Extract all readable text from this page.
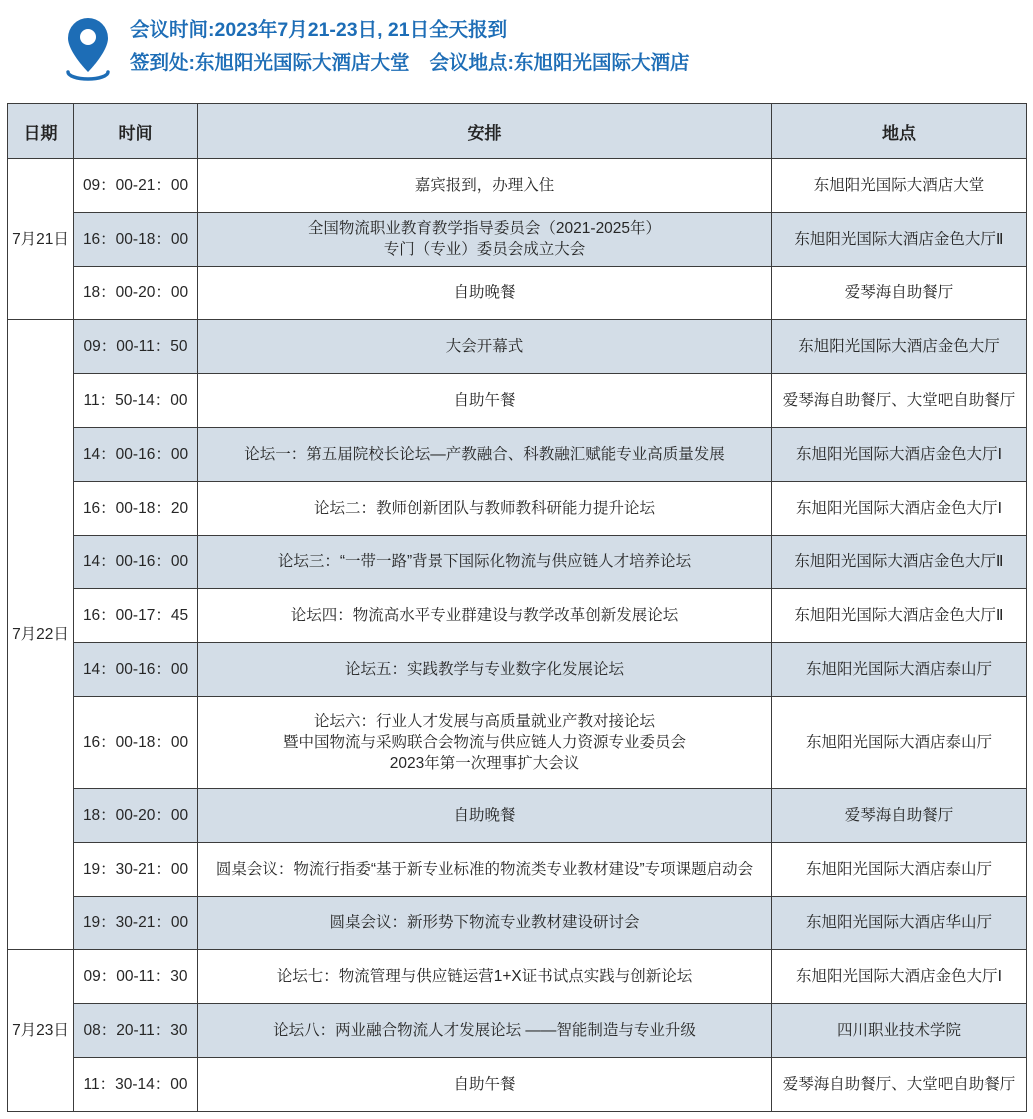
会议时间:2023年7月21-23日, 21日全天报到
签到处:东旭阳光国际大酒店大堂 会议地点:东旭阳光国际大酒店
日期	时间	安排	地点
7月21日	09：00-21：00	嘉宾报到，办理入住	东旭阳光国际大酒店大堂
	16：00-18：00	全国物流职业教育教学指导委员会（2021-2025年）
专门（专业）委员会成立大会	东旭阳光国际大酒店金色大厅Ⅱ
	18：00-20：00	自助晚餐	爱琴海自助餐厅
7月22日	09：00-11：50	大会开幕式	东旭阳光国际大酒店金色大厅
	11：50-14：00	自助午餐	爱琴海自助餐厅、大堂吧自助餐厅
	14：00-16：00	论坛一：第五届院校长论坛—产教融合、科教融汇赋能专业高质量发展	东旭阳光国际大酒店金色大厅Ⅰ
	16：00-18：20	论坛二：教师创新团队与教师教科研能力提升论坛	东旭阳光国际大酒店金色大厅Ⅰ
	14：00-16：00	论坛三：“一带一路”背景下国际化物流与供应链人才培养论坛	东旭阳光国际大酒店金色大厅Ⅱ
	16：00-17：45	论坛四：物流高水平专业群建设与教学改革创新发展论坛	东旭阳光国际大酒店金色大厅Ⅱ
	14：00-16：00	论坛五：实践教学与专业数字化发展论坛	东旭阳光国际大酒店泰山厅
	16：00-18：00	论坛六：行业人才发展与高质量就业产教对接论坛
暨中国物流与采购联合会物流与供应链人力资源专业委员会
2023年第一次理事扩大会议	东旭阳光国际大酒店泰山厅
	18：00-20：00	自助晚餐	爱琴海自助餐厅
	19：30-21：00	圆桌会议：物流行指委“基于新专业标准的物流类专业教材建设”专项课题启动会	东旭阳光国际大酒店泰山厅
	19：30-21：00	圆桌会议：新形势下物流专业教材建设研讨会	东旭阳光国际大酒店华山厅
7月23日	09：00-11：30	论坛七：物流管理与供应链运营1+X证书试点实践与创新论坛	东旭阳光国际大酒店金色大厅Ⅰ
	08：20-11：30	论坛八：两业融合物流人才发展论坛 ——智能制造与专业升级	四川职业技术学院
	11：30-14：00	自助午餐	爱琴海自助餐厅、大堂吧自助餐厅
